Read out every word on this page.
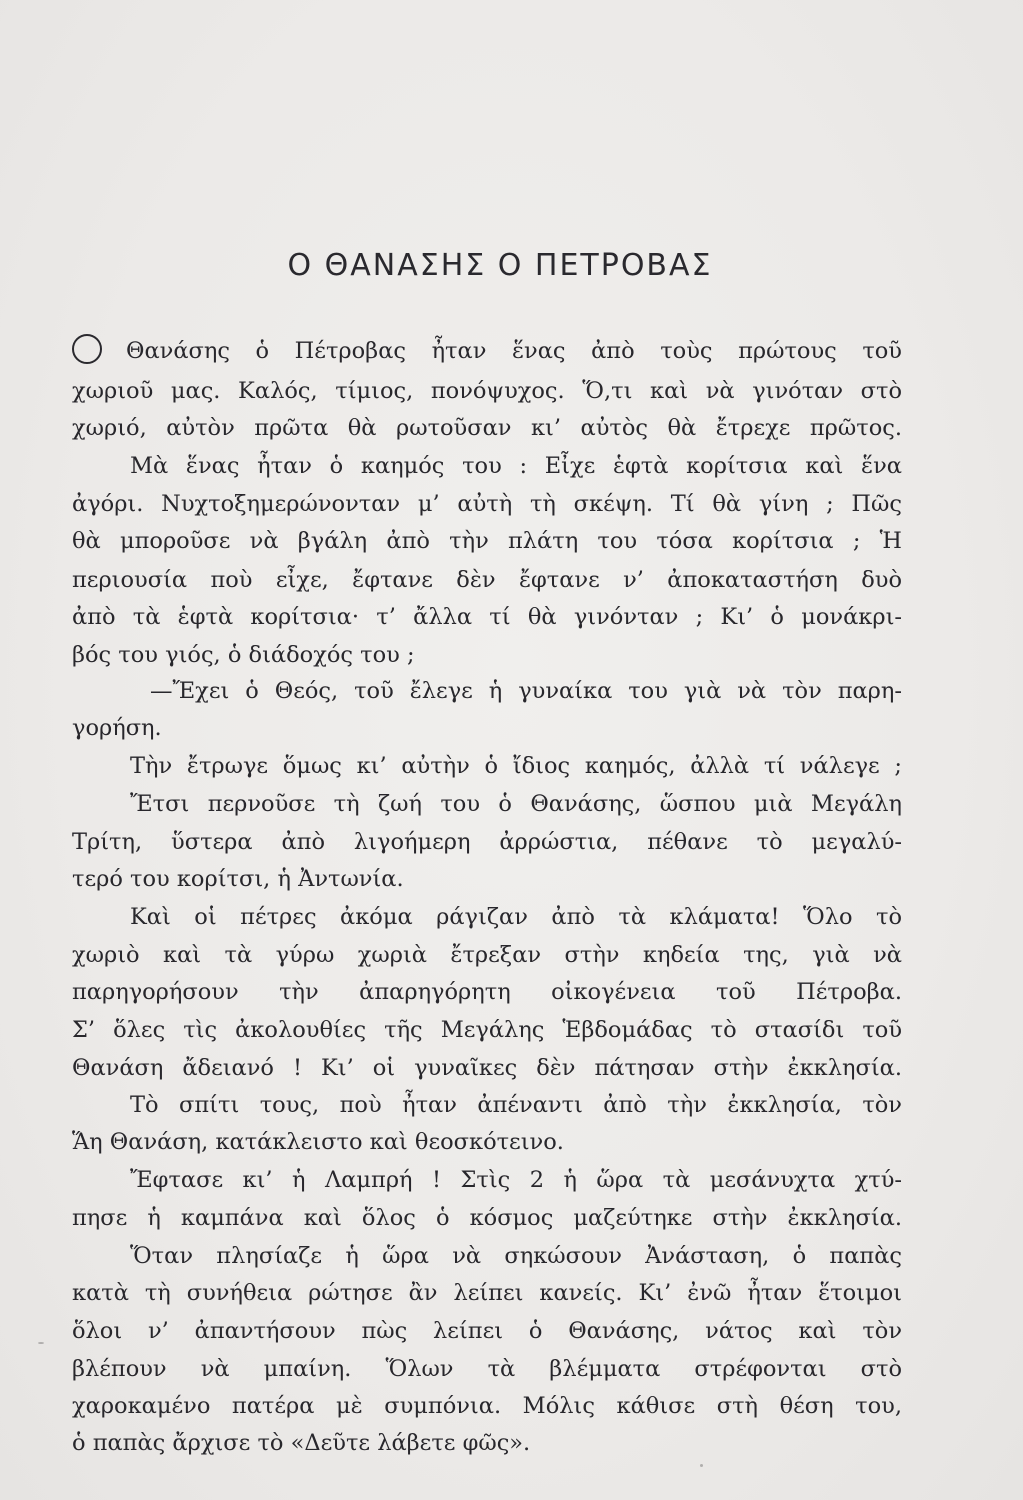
Ο ΘΑΝΑΣΗΣ Ο ΠΕΤΡΟΒΑΣ
Θανάσης ὁ Πέτροβας ἦταν ἕνας ἀπὸ τοὺς πρώτους τοῦ
χωριοῦ μας. Καλός, τίμιος, πονόψυχος. Ὅ,τι καὶ νὰ γινόταν στὸ
χωριό, αὐτὸν πρῶτα θὰ ρωτοῦσαν κι’ αὐτὸς θὰ ἔτρεχε πρῶτος.
Μὰ ἕνας ἦταν ὁ καημός του : Εἶχε ἑφτὰ κορίτσια καὶ ἕνα
ἀγόρι. Νυχτοξημερώνονταν μ’ αὐτὴ τὴ σκέψη. Τί θὰ γίνη ; Πῶς
θὰ μποροῦσε νὰ βγάλη ἀπὸ τὴν πλάτη του τόσα κορίτσια ; Ἡ
περιουσία ποὺ εἶχε, ἔφτανε δὲν ἔφτανε ν’ ἀποκαταστήση δυὸ
ἀπὸ τὰ ἑφτὰ κορίτσια· τ’ ἄλλα τί θὰ γινόνταν ; Κι’ ὁ μονάκρι-
βός του γιός, ὁ διάδοχός του ;
—Ἔχει ὁ Θεός, τοῦ ἔλεγε ἡ γυναίκα του γιὰ νὰ τὸν παρη-
γορήση.
Τὴν ἔτρωγε ὅμως κι’ αὐτὴν ὁ ἴδιος καημός, ἀλλὰ τί νάλεγε ;
Ἔτσι περνοῦσε τὴ ζωή του ὁ Θανάσης, ὥσπου μιὰ Μεγάλη
Τρίτη, ὕστερα ἀπὸ λιγοήμερη ἀρρώστια, πέθανε τὸ μεγαλύ-
τερό του κορίτσι, ἡ Ἀντωνία.
Καὶ οἱ πέτρες ἀκόμα ράγιζαν ἀπὸ τὰ κλάματα! Ὅλο τὸ
χωριὸ καὶ τὰ γύρω χωριὰ ἔτρεξαν στὴν κηδεία της, γιὰ νὰ
παρηγορήσουν τὴν ἀπαρηγόρητη οἰκογένεια τοῦ Πέτροβα.
Σ’ ὅλες τὶς ἀκολουθίες τῆς Μεγάλης Ἑβδομάδας τὸ στασίδι τοῦ
Θανάση ἄδειανό ! Κι’ οἱ γυναῖκες δὲν πάτησαν στὴν ἐκκλησία.
Τὸ σπίτι τους, ποὺ ἦταν ἀπέναντι ἀπὸ τὴν ἐκκλησία, τὸν
Ἅη Θανάση, κατάκλειστο καὶ θεοσκότεινο.
Ἔφτασε κι’ ἡ Λαμπρή ! Στὶς 2 ἡ ὥρα τὰ μεσάνυχτα χτύ-
πησε ἡ καμπάνα καὶ ὅλος ὁ κόσμος μαζεύτηκε στὴν ἐκκλησία.
Ὅταν πλησίαζε ἡ ὥρα νὰ σηκώσουν Ἀνάσταση, ὁ παπὰς
κατὰ τὴ συνήθεια ρώτησε ἂν λείπει κανείς. Κι’ ἐνῶ ἦταν ἕτοιμοι
ὅλοι ν’ ἀπαντήσουν πὼς λείπει ὁ Θανάσης, νάτος καὶ τὸν
βλέπουν νὰ μπαίνη. Ὅλων τὰ βλέμματα στρέφονται στὸ
χαροκαμένο πατέρα μὲ συμπόνια. Μόλις κάθισε στὴ θέση του,
ὁ παπὰς ἄρχισε τὸ «Δεῦτε λάβετε φῶς».
